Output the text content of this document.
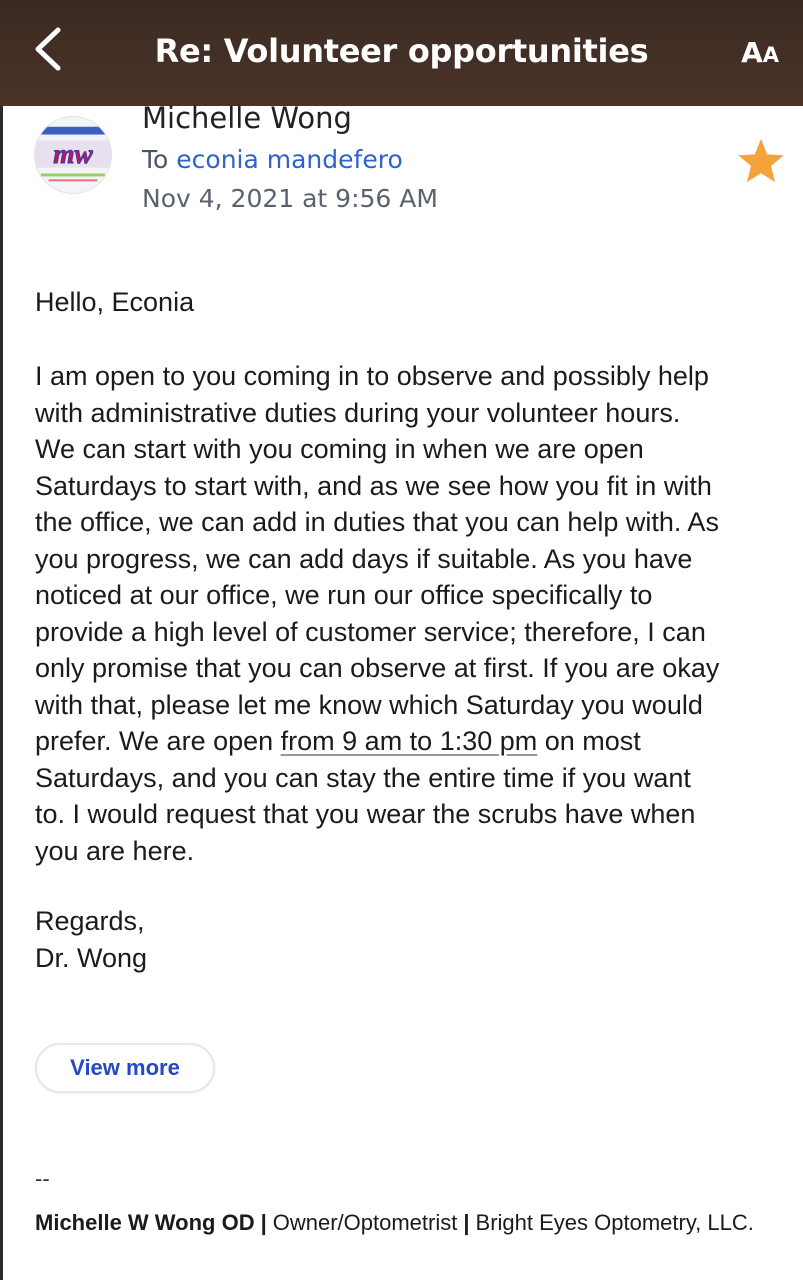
Re: Volunteer opportunities	AA
mw
Michelle Wong
To econia mandefero
Nov 4, 2021 at 9:56 AM
Hello, Econia
I am open to you coming in to observe and possibly help
with administrative duties during your volunteer hours.
We can start with you coming in when we are open
Saturdays to start with, and as we see how you fit in with
the office, we can add in duties that you can help with. As
you progress, we can add days if suitable. As you have
noticed at our office, we run our office specifically to
provide a high level of customer service; therefore, I can
only promise that you can observe at first. If you are okay
with that, please let me know which Saturday you would
prefer. We are open from 9 am to 1:30 pm on most
Saturdays, and you can stay the entire time if you want
to. I would request that you wear the scrubs have when
you are here.
Regards,
Dr. Wong
View more
--
Michelle W Wong OD | Owner/Optometrist | Bright Eyes Optometry, LLC.
